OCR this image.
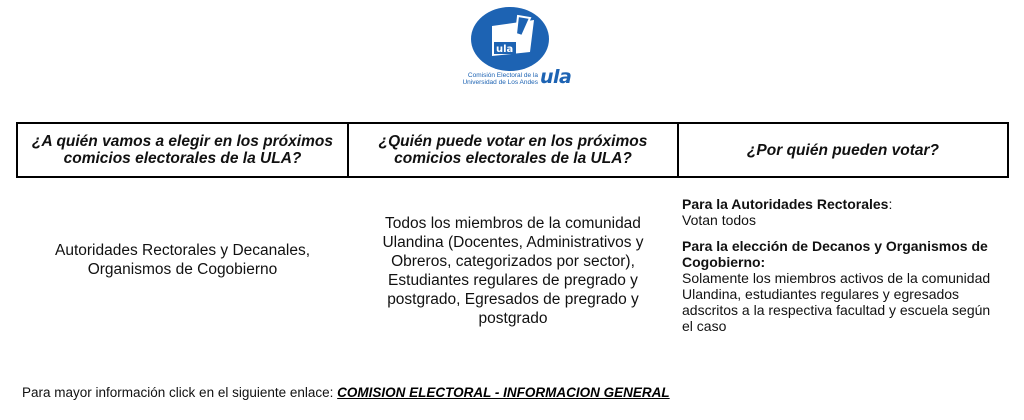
ula
Comisión Electoral de la
Universidad de Los Andes ula
¿A quién vamos a elegir en los próximos comicios electorales de la ULA?	¿Quién puede votar en los próximos comicios electorales de la ULA?	¿Por quién pueden votar?
Autoridades Rectorales y Decanales, Organismos de Cogobierno	Todos los miembros de la comunidad Ulandina (Docentes, Administrativos y Obreros, categorizados por sector), Estudiantes regulares de pregrado y postgrado, Egresados de pregrado y postgrado	Para la Autoridades Rectorales:
Votan todos
Para la elección de Decanos y Organismos de Cogobierno:
Solamente los miembros activos de la comunidad Ulandina, estudiantes regulares y egresados adscritos a la respectiva facultad y escuela según el caso
Para mayor información click en el siguiente enlace: COMISION ELECTORAL - INFORMACION GENERAL
